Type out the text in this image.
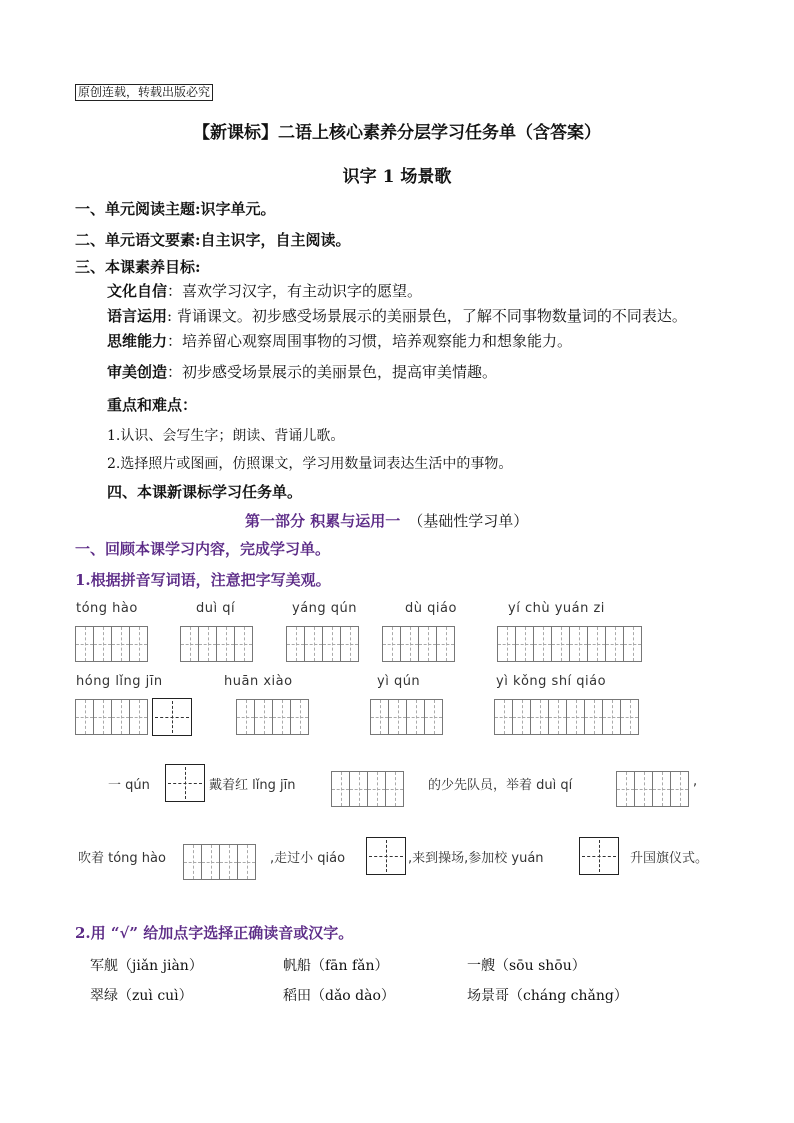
原创连载，转载出版必究
【新课标】二语上核心素养分层学习任务单（含答案）
识字 1 场景歌
一、单元阅读主题:识字单元。
二、单元语文要素:自主识字，自主阅读。
三、本课素养目标:
文化自信：喜欢学习汉字，有主动识字的愿望。
语言运用: 背诵课文。初步感受场景展示的美丽景色，了解不同事物数量词的不同表达。
思维能力：培养留心观察周围事物的习惯，培养观察能力和想象能力。
审美创造：初步感受场景展示的美丽景色，提高审美情趣。
重点和难点：
1.认识、会写生字；朗读、背诵儿歌。
2.选择照片或图画，仿照课文，学习用数量词表达生活中的事物。
四、本课新课标学习任务单。
第一部分 积累与运用一 （基础性学习单）
一、回顾本课学习内容，完成学习单。
1.根据拼音写词语，注意把字写美观。
tóng hào	duì qí	yáng qún	dù qiáo	yí chù yuán zi
hóng lǐng jīn	huān xiào	yì qún	yì kǒng shí qiáo
一 qún	戴着红 lǐng jīn	的少先队员，举着 duì qí	,
吹着 tóng hào	,走过小 qiáo	,来到操场,参加校 yuán	升国旗仪式。
2.用 “√” 给加点字选择正确读音或汉字。
军舰（jiǎn jiàn）	帆船（fān fǎn）	一艘（sōu shōu）
翠绿（zuì cuì）	稻田（dǎo dào）	场景哥（cháng chǎng）
